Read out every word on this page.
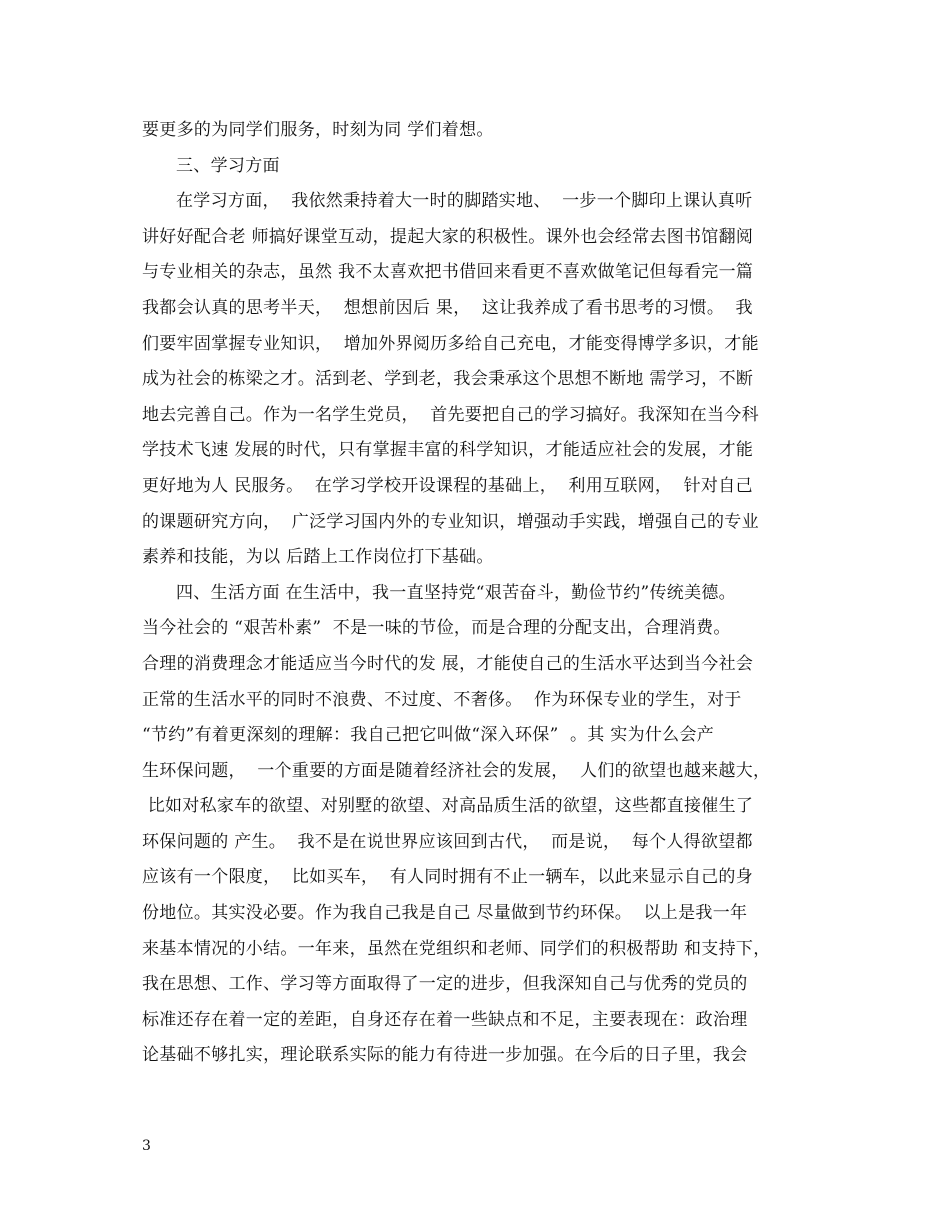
要更多的为同学们服务，时刻为同 学们着想。
三、学习方面
在学习方面，  我依然秉持着大一时的脚踏实地、  一步一个脚印上课认真听
讲好好配合老 师搞好课堂互动，提起大家的积极性。课外也会经常去图书馆翻阅
与专业相关的杂志，虽然 我不太喜欢把书借回来看更不喜欢做笔记但每看完一篇
我都会认真的思考半天，  想想前因后 果，  这让我养成了看书思考的习惯。  我
们要牢固掌握专业知识，  增加外界阅历多给自己充电，才能变得博学多识，才能
成为社会的栋梁之才。活到老、学到老，我会秉承这个思想不断地 需学习，不断
地去完善自己。作为一名学生党员，  首先要把自己的学习搞好。我深知在当今科
学技术飞速 发展的时代，只有掌握丰富的科学知识，才能适应社会的发展，才能
更好地为人 民服务。  在学习学校开设课程的基础上，  利用互联网，  针对自己
的课题研究方向，  广泛学习国内外的专业知识，增强动手实践，增强自己的专业
素养和技能，为以 后踏上工作岗位打下基础。
四、生活方面 在生活中，我一直坚持党“艰苦奋斗，勤俭节约”传统美德。
当今社会的 “艰苦朴素”  不是一味的节俭，而是合理的分配支出，合理消费。
合理的消费理念才能适应当今时代的发 展，才能使自己的生活水平达到当今社会
正常的生活水平的同时不浪费、不过度、不奢侈。  作为环保专业的学生，对于
“节约”有着更深刻的理解：我自己把它叫做“深入环保”  。其 实为什么会产
生环保问题，  一个重要的方面是随着经济社会的发展，  人们的欲望也越来越大，
比如对私家车的欲望、对别墅的欲望、对高品质生活的欲望，这些都直接催生了
环保问题的 产生。  我不是在说世界应该回到古代，  而是说，  每个人得欲望都
应该有一个限度，  比如买车，  有人同时拥有不止一辆车，以此来显示自己的身
份地位。其实没必要。作为我自己我是自己 尽量做到节约环保。  以上是我一年
来基本情况的小结。一年来，虽然在党组织和老师、同学们的积极帮助 和支持下，
我在思想、工作、学习等方面取得了一定的进步，但我深知自己与优秀的党员的
标准还存在着一定的差距，自身还存在着一些缺点和不足，主要表现在：政治理
论基础不够扎实，理论联系实际的能力有待进一步加强。在今后的日子里，我会
3
